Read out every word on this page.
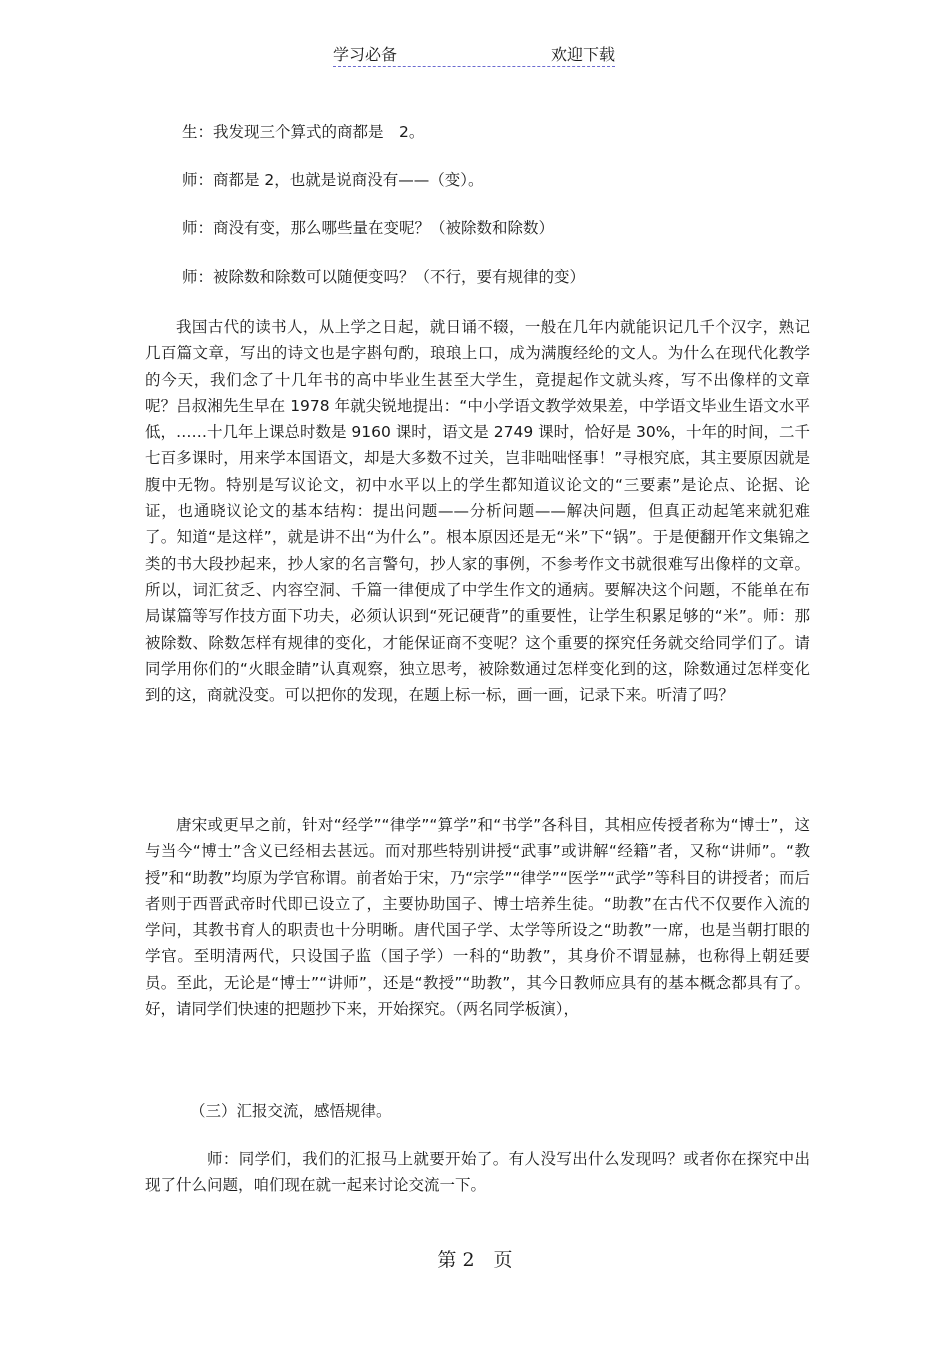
学习必备	欢迎下载

生：我发现三个算式的商都是　2。

师：商都是 2，也就是说商没有——（变）。

师：商没有变，那么哪些量在变呢？（被除数和除数）

师：被除数和除数可以随便变吗？（不行，要有规律的变）

我国古代的读书人，从上学之日起，就日诵不辍，一般在几年内就能识记几千个汉字，熟记几百篇文章，写出的诗文也是字斟句酌，琅琅上口，成为满腹经纶的文人。为什么在现代化教学的今天，我们念了十几年书的高中毕业生甚至大学生，竟提起作文就头疼，写不出像样的文章呢？吕叔湘先生早在 1978 年就尖锐地提出：“中小学语文教学效果差，中学语文毕业生语文水平低，……十几年上课总时数是 9160 课时，语文是 2749 课时，恰好是 30%，十年的时间，二千七百多课时，用来学本国语文，却是大多数不过关，岂非咄咄怪事！”寻根究底，其主要原因就是腹中无物。特别是写议论文，初中水平以上的学生都知道议论文的“三要素”是论点、论据、论证，也通晓议论文的基本结构：提出问题——分析问题——解决问题，但真正动起笔来就犯难了。知道“是这样”，就是讲不出“为什么”。根本原因还是无“米”下“锅”。于是便翻开作文集锦之类的书大段抄起来，抄人家的名言警句，抄人家的事例，不参考作文书就很难写出像样的文章。所以，词汇贫乏、内容空洞、千篇一律便成了中学生作文的通病。要解决这个问题，不能单在布局谋篇等写作技方面下功夫，必须认识到“死记硬背”的重要性，让学生积累足够的“米”。师：那被除数、除数怎样有规律的变化，才能保证商不变呢？这个重要的探究任务就交给同学们了。请同学用你们的“火眼金睛”认真观察，独立思考，被除数通过怎样变化到的这，除数通过怎样变化到的这，商就没变。可以把你的发现，在题上标一标，画一画，记录下来。听清了吗？

唐宋或更早之前，针对“经学”“律学”“算学”和“书学”各科目，其相应传授者称为“博士”，这与当今“博士”含义已经相去甚远。而对那些特别讲授“武事”或讲解“经籍”者，又称“讲师”。“教授”和“助教”均原为学官称谓。前者始于宋，乃“宗学”“律学”“医学”“武学”等科目的讲授者；而后者则于西晋武帝时代即已设立了，主要协助国子、博士培养生徒。“助教”在古代不仅要作入流的学问，其教书育人的职责也十分明晰。唐代国子学、太学等所设之“助教”一席，也是当朝打眼的学官。至明清两代，只设国子监（国子学）一科的“助教”，其身价不谓显赫，也称得上朝廷要员。至此，无论是“博士”“讲师”，还是“教授”“助教”，其今日教师应具有的基本概念都具有了。好，请同学们快速的把题抄下来，开始探究。（两名同学板演），

（三）汇报交流，感悟规律。

师：同学们，我们的汇报马上就要开始了。有人没写出什么发现吗？或者你在探究中出现了什么问题，咱们现在就一起来讨论交流一下。

第 2　页
